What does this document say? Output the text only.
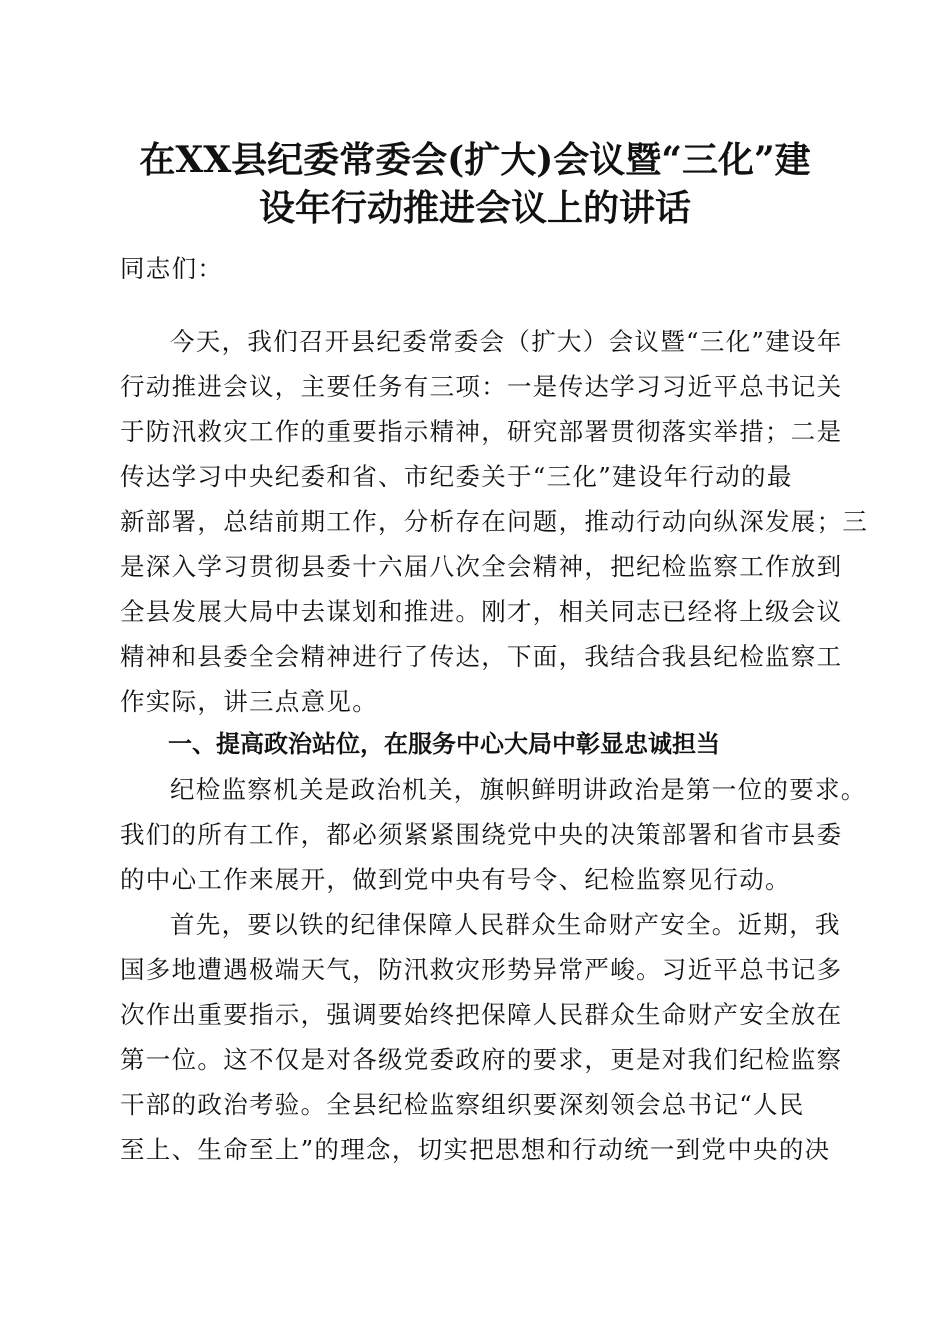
在XX县纪委常委会(扩大)会议暨“三化”建
设年行动推进会议上的讲话
同志们：
今天，我们召开县纪委常委会（扩大）会议暨“三化”建设年
行动推进会议，主要任务有三项：一是传达学习习近平总书记关
于防汛救灾工作的重要指示精神，研究部署贯彻落实举措；二是
传达学习中央纪委和省、市纪委关于“三化”建设年行动的最
新部署，总结前期工作，分析存在问题，推动行动向纵深发展；三
是深入学习贯彻县委十六届八次全会精神，把纪检监察工作放到
全县发展大局中去谋划和推进。刚才，相关同志已经将上级会议
精神和县委全会精神进行了传达，下面，我结合我县纪检监察工
作实际，讲三点意见。
一、提高政治站位，在服务中心大局中彰显忠诚担当
纪检监察机关是政治机关，旗帜鲜明讲政治是第一位的要求。
我们的所有工作，都必须紧紧围绕党中央的决策部署和省市县委
的中心工作来展开，做到党中央有号令、纪检监察见行动。
首先，要以铁的纪律保障人民群众生命财产安全。近期，我
国多地遭遇极端天气，防汛救灾形势异常严峻。习近平总书记多
次作出重要指示，强调要始终把保障人民群众生命财产安全放在
第一位。这不仅是对各级党委政府的要求，更是对我们纪检监察
干部的政治考验。全县纪检监察组织要深刻领会总书记“人民
至上、生命至上”的理念，切实把思想和行动统一到党中央的决
